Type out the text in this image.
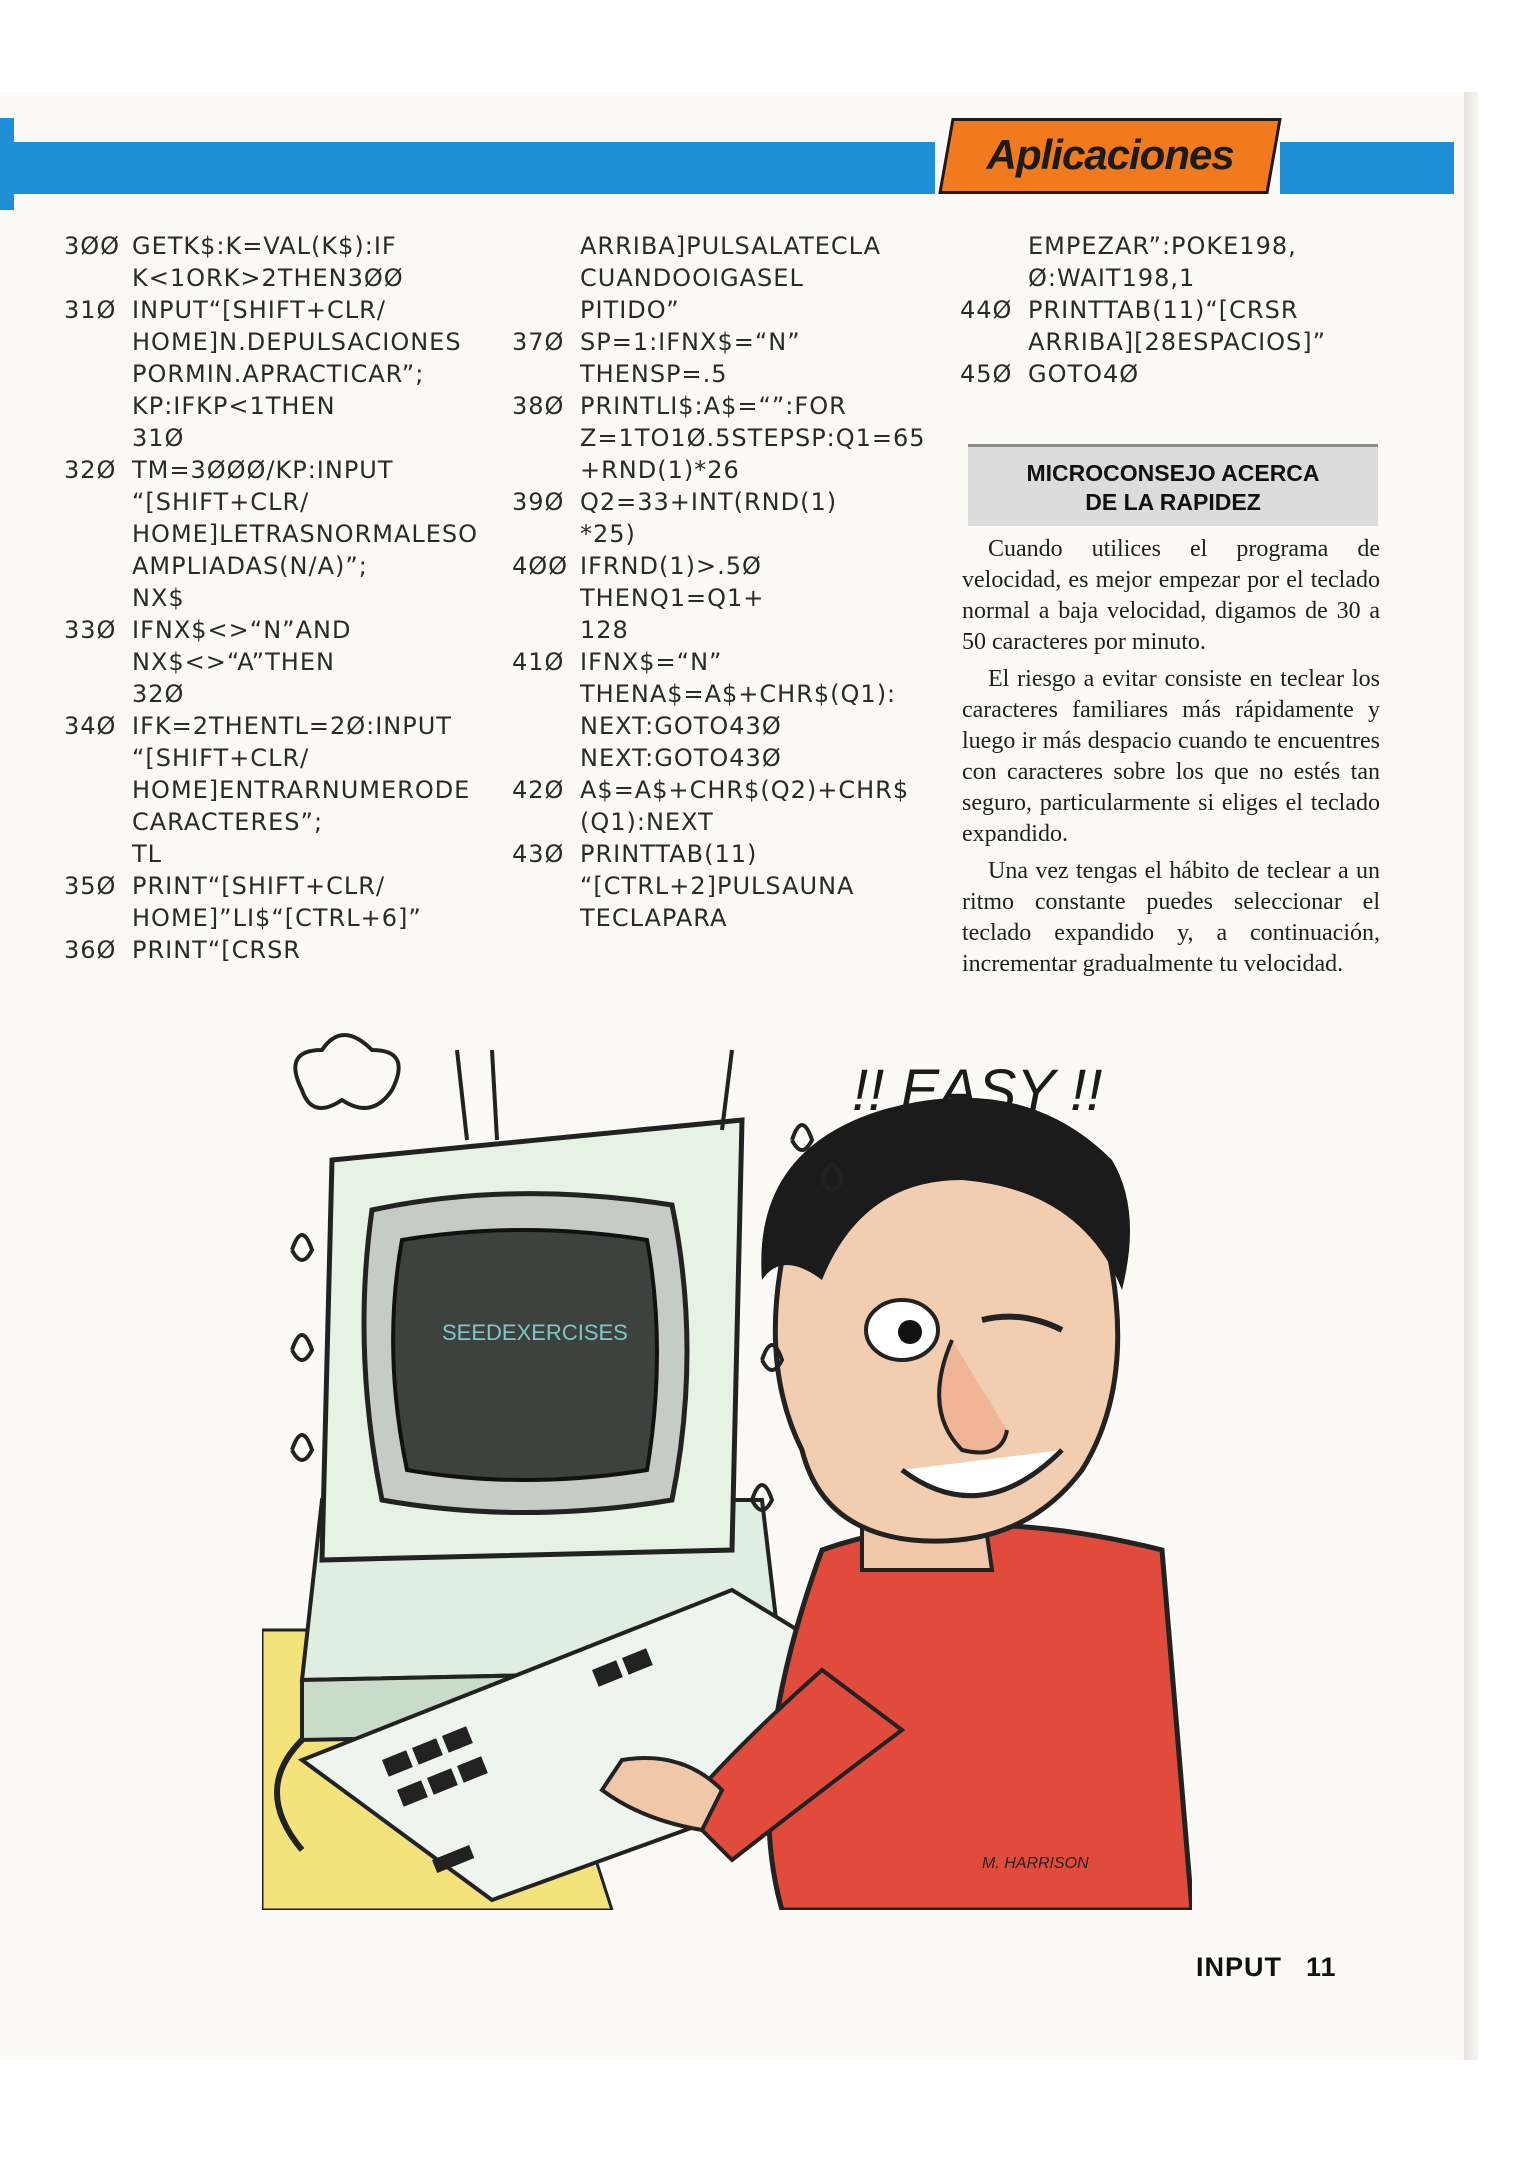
Aplicaciones
3ØØ GETK$:K=VAL(K$):IF
K<1ORK>2THEN3ØØ
31Ø INPUT“[SHIFT+CLR/
HOME]N.DEPULSACIONES
PORMIN.APRACTICAR”;
KP:IFKP<1THEN
31Ø
32Ø TM=3ØØØ/KP:INPUT
“[SHIFT+CLR/
HOME]LETRASNORMALESO
AMPLIADAS(N/A)”;
NX$
33Ø IFNX$<>“N”AND
NX$<>“A”THEN
32Ø
34Ø IFK=2THENTL=2Ø:INPUT
“[SHIFT+CLR/
HOME]ENTRARNUMERODE
CARACTERES”;
TL
35Ø PRINT“[SHIFT+CLR/
HOME]”LI$“[CTRL+6]”
36Ø PRINT“[CRSR
ARRIBA]PULSALATECLA
CUANDOOIGASEL
PITIDO”
37Ø SP=1:IFNX$=“N”
THENSP=.5
38Ø PRINTLI$:A$=“”:FOR
Z=1TO1Ø.5STEPSP:Q1=65
+RND(1)*26
39Ø Q2=33+INT(RND(1)
*25)
4ØØ IFRND(1)>.5Ø
THENQ1=Q1+
128
41Ø IFNX$=“N”
THENA$=A$+CHR$(Q1):
NEXT:GOTO43Ø
NEXT:GOTO43Ø
42Ø A$=A$+CHR$(Q2)+CHR$
(Q1):NEXT
43Ø PRINTTAB(11)
“[CTRL+2]PULSAUNA
TECLAPARA
EMPEZAR”:POKE198,
Ø:WAIT198,1
44Ø PRINTTAB(11)“[CRSR
ARRIBA][28ESPACIOS]”
45Ø GOTO4Ø
MICROCONSEJO ACERCA
DE LA RAPIDEZ

Cuando utilices el programa de velocidad, es mejor empezar por el teclado normal a baja velocidad, digamos de 30 a 50 caracteres por minuto.

El riesgo a evitar consiste en teclear los caracteres familiares más rápidamente y luego ir más despacio cuando te encuentres con caracteres sobre los que no estés tan seguro, particularmente si eliges el teclado expandido.

Una vez tengas el hábito de teclear a un ritmo constante puedes seleccionar el teclado expandido y, a continuación, incrementar gradualmente tu velocidad.

SEEDEXERCISES
!! EASY !!
M. HARRISON
INPUT 11
